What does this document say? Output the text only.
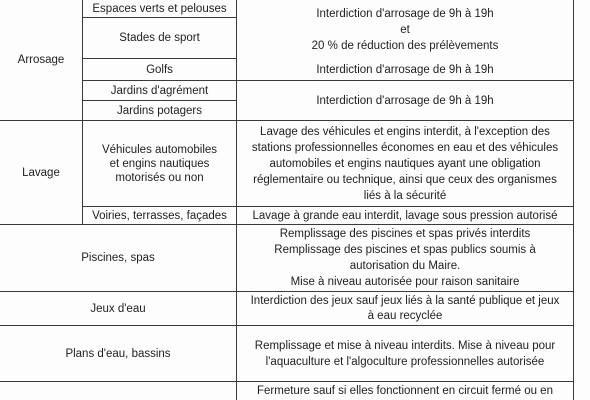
Arrosage
Espaces verts et pelouses
Stades de sport
Golfs
Jardins d'agrément
Jardins potagers
Interdiction d'arrosage de 9h à 19h
et
20 % de réduction des prélèvements
Interdiction d'arrosage de 9h à 19h
Interdiction d'arrosage de 9h à 19h
Lavage
Véhicules automobiles
et engins nautiques
motorisés ou non
Lavage des véhicules et engins interdit, à l'exception des
stations professionnelles économes en eau et des véhicules
automobiles et engins nautiques ayant une obligation
réglementaire ou technique, ainsi que ceux des organismes
liés à la sécurité
Voiries, terrasses, façades Lavage à grande eau interdit, lavage sous pression autorisé
Piscines, spas
Remplissage des piscines et spas privés interdits
Remplissage des piscines et spas publics soumis à
autorisation du Maire.
Mise à niveau autorisée pour raison sanitaire
Jeux d'eau
Interdiction des jeux sauf jeux liés à la santé publique et jeux
à eau recyclée
Plans d'eau, bassins
Remplissage et mise à niveau interdits. Mise à niveau pour
l'aquaculture et l'algoculture professionnelles autorisée
Fermeture sauf si elles fonctionnent en circuit fermé ou en
